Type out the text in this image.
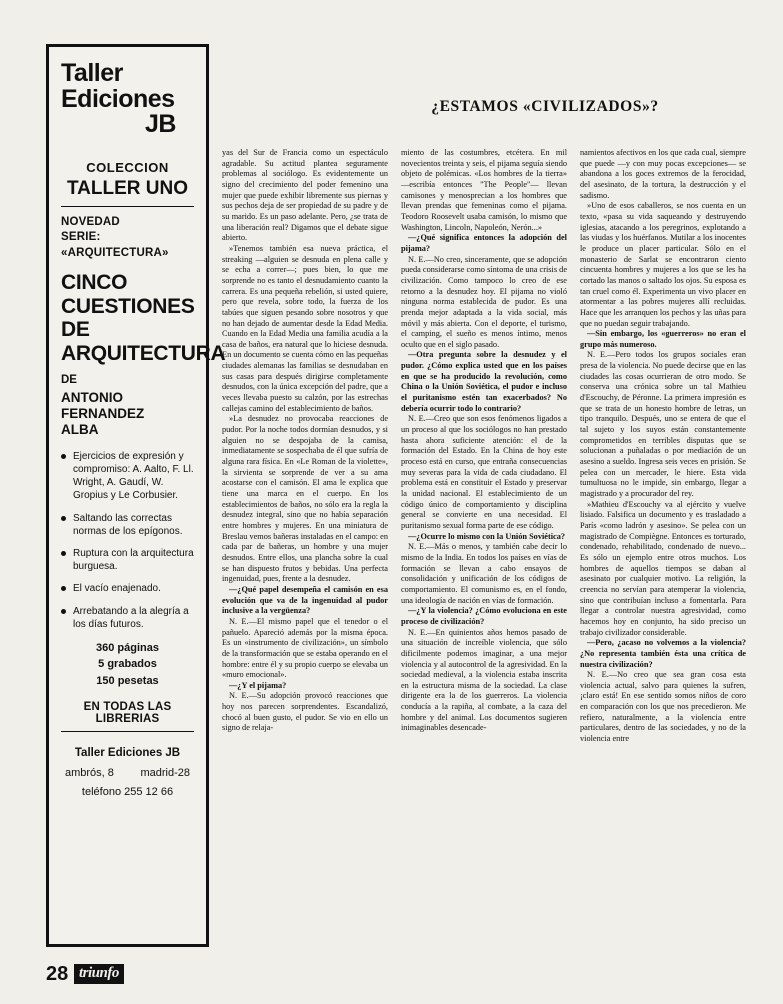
Taller
Ediciones
JB
COLECCION
TALLER UNO
NOVEDAD
SERIE: «ARQUITECTURA»
CINCO
CUESTIONES
DE
ARQUITECTURA
DE
ANTONIO
FERNANDEZ
ALBA
Ejercicios de expresión y compromiso: A. Aalto, F. Ll. Wright, A. Gaudí, W. Gropius y Le Corbusier.
Saltando las correctas normas de los epígonos.
Ruptura con la arquitectura burguesa.
El vacío enajenado.
Arrebatando a la alegría a los días futuros.
360 páginas
5 grabados
150 pesetas
EN TODAS LAS LIBRERIAS
Taller Ediciones JB
ambrós, 8 madrid-28
teléfono 255 12 66
¿ESTAMOS «CIVILIZADOS»?

yas del Sur de Francia como un espectáculo agradable. Su actitud plantea seguramente problemas al sociólogo. Es evidentemente un signo del crecimiento del poder femenino una mujer que puede exhibir libremente sus piernas y sus pechos deja de ser propiedad de su padre y de su marido. Es un paso adelante. Pero, ¿se trata de una liberación real? Digamos que el debate sigue abierto.

»Tenemos también esa nueva práctica, el streaking —alguien se desnuda en plena calle y se echa a correr—; pues bien, lo que me sorprende no es tanto el desnudamiento cuanto la carrera. Es una pequeña rebelión, si usted quiere, pero que revela, sobre todo, la fuerza de los tabúes que siguen pesando sobre nosotros y que no han dejado de aumentar desde la Edad Media. Cuando en la Edad Media una familia acudía a la casa de baños, era natural que lo hiciese desnuda. En un documento se cuenta cómo en las pequeñas ciudades alemanas las familias se desnudaban en sus casas para después dirigirse completamente desnudos, con la única excepción del padre, que a veces llevaba puesto su calzón, por las estrechas callejas camino del establecimiento de baños.

»La desnudez no provocaba reacciones de pudor. Por la noche todos dormían desnudos, y si alguien no se despojaba de la camisa, inmediatamente se sospechaba de él que sufría de alguna rara física. En «Le Roman de la violette», la sirvienta se sorprende de ver a su ama acostarse con el camisón. El ama le explica que tiene una marca en el cuerpo. En los establecimientos de baños, no sólo era la regla la desnudez integral, sino que no había separación entre hombres y mujeres. En una miniatura de Breslau vemos bañeras instaladas en el campo: en cada par de bañeras, un hombre y una mujer desnudos. Entre ellos, una plancha sobre la cual se han dispuesto frutos y bebidas. Una perfecta ingenuidad, pues, frente a la desnudez.

—¿Qué papel desempeña el camisón en esa evolución que va de la ingenuidad al pudor inclusive a la vergüenza?

N. E.—El mismo papel que el tenedor o el pañuelo. Apareció además por la misma época. Es un «instrumento de civilización», un símbolo de la transformación que se estaba operando en el hombre: entre él y su propio cuerpo se elevaba un «muro emocional».

—¿Y el pijama?

N. E.—Su adopción provocó reacciones que hoy nos parecen sorprendentes. Escandalizó, chocó al buen gusto, el pudor. Se vio en ello un signo de relaja-

miento de las costumbres, etcétera. En mil novecientos treinta y seis, el pijama seguía siendo objeto de polémicas. «Los hombres de la tierra» —escribía entonces "The People"— llevan camisones y menosprecian a los hombres que llevan prendas que femeninas como el pijama. Teodoro Roosevelt usaba camisón, lo mismo que Washington, Lincoln, Napoleón, Nerón...»

—¿Qué significa entonces la adopción del pijama?

N. E.—No creo, sinceramente, que se adopción pueda considerarse como síntoma de una crisis de civilización. Como tampoco lo creo de ese retorno a la desnudez hoy. El pijama no violó ninguna norma establecida de pudor. Es una prenda mejor adaptada a la vida social, más móvil y más abierta. Con el deporte, el turismo, el camping, el sueño es menos íntimo, menos oculto que en el siglo pasado.

—Otra pregunta sobre la desnudez y el pudor. ¿Cómo explica usted que en los países en que se ha producido la revolución, como China o la Unión Soviética, el pudor e incluso el puritanismo estén tan exacerbados? No debería ocurrir todo lo contrario?

N. E.—Creo que son esos fenómenos ligados a un proceso al que los sociólogos no han prestado hasta ahora suficiente atención: el de la formación del Estado. En la China de hoy este proceso está en curso, que entraña consecuencias muy severas para la vida de cada ciudadano. El problema está en constituir el Estado y preservar la unidad nacional. El establecimiento de un código único de comportamiento y disciplina general se convierte en una necesidad. El puritanismo sexual forma parte de ese código.

—¿Ocurre lo mismo con la Unión Soviética?

N. E.—Más o menos, y también cabe decir lo mismo de la India. En todos los países en vías de formación se llevan a cabo ensayos de consolidación y unificación de los códigos de comportamiento. El comunismo es, en el fondo, una ideología de nación en vías de formación.

—¿Y la violencia? ¿Cómo evoluciona en este proceso de civilización?

N. E.—En quinientos años hemos pasado de una situación de increíble violencia, que sólo dificilmente podemos imaginar, a una mejor violencia y al autocontrol de la agresividad. En la sociedad medieval, a la violencia estaba inscrita en la estructura misma de la sociedad. La clase dirigente era la de los guerreros. La violencia conducía a la rapiña, al combate, a la caza del hombre y del animal. Los documentos sugieren inimaginables desencade-

namientos afectivos en los que cada cual, siempre que puede —y con muy pocas excepciones— se abandona a los goces extremos de la ferocidad, del asesinato, de la tortura, la destrucción y el sadismo.

»Uno de esos caballeros, se nos cuenta en un texto, «pasa su vida saqueando y destruyendo iglesias, atacando a los peregrinos, explotando a las viudas y los huérfanos. Mutilar a los inocentes le produce un placer particular. Sólo en el monasterio de Sarlat se encontraron ciento cincuenta hombres y mujeres a los que se les ha cortado las manos o saltado los ojos. Su esposa es tan cruel como él. Experimenta un vivo placer en atormentar a las pobres mujeres allí recluidas. Hace que les arranquen los pechos y las uñas para que no puedan seguir trabajando.

—Sin embargo, los «guerreros» no eran el grupo más numeroso.

N. E.—Pero todos los grupos sociales eran presa de la violencia. No puede decirse que en las ciudades las cosas ocurrieran de otro modo. Se conserva una crónica sobre un tal Mathieu d'Escouchy, de Péronne. La primera impresión es que se trata de un honesto hombre de letras, un tipo tranquilo. Después, uno se entera de que el tal sujeto y los suyos están constantemente comprometidos en terribles disputas que se solucionan a puñaladas o por mediación de un asesino a sueldo. Ingresa seis veces en prisión. Se pelea con un mercader, le hiere. Esta vida tumultuosa no le impide, sin embargo, llegar a magistrado y a procurador del rey.

»Mathieu d'Escouchy va al ejército y vuelve lisiado. Falsifica un documento y es trasladado a París «como ladrón y asesino». Se pelea con un magistrado de Compiègne. Entonces es torturado, condenado, rehabilitado, condenado de nuevo... Es sólo un ejemplo entre otros muchos. Los hombres de aquellos tiempos se daban al asesinato por cualquier motivo. La religión, la creencia no servían para atemperar la violencia, sino que contribuían incluso a fomentarla. Para llegar a controlar nuestra agresividad, como hacemos hoy en conjunto, ha sido preciso un trabajo civilizador considerable.

—Pero, ¿acaso no volvemos a la violencia? ¿No representa también ésta una crítica de nuestra civilización?

N. E.—No creo que sea gran cosa esta violencia actual, salvo para quienes la sufren, ¡claro está! En ese sentido somos niños de coro en comparación con los que nos precedieron. Me refiero, naturalmente, a la violencia entre particulares, dentro de las sociedades, y no de la violencia entre

28 triunfo
